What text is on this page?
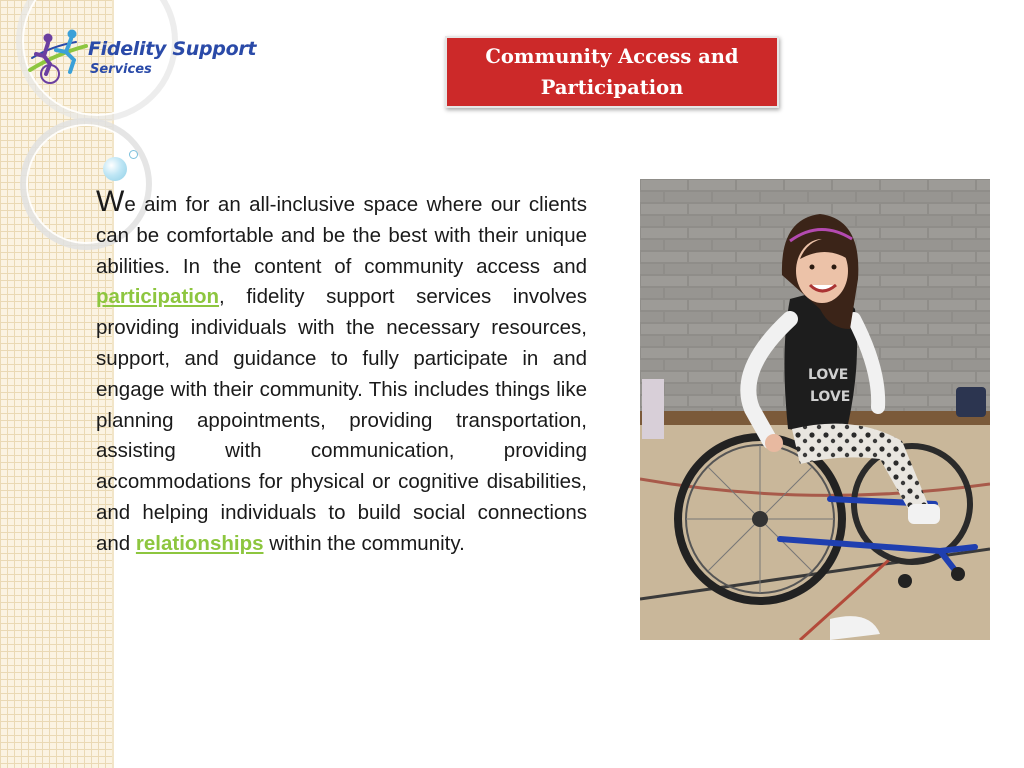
Fidelity Support
Services
Community Access and Participation

We aim for an all-inclusive space where our clients can be comfortable and be the best with their unique abilities. In the content of community access and participation, fidelity support services involves providing individuals with the necessary resources, support, and guidance to fully participate in and engage with their community. This includes things like planning appointments, providing transportation, assisting with communication, providing accommodations for physical or cognitive disabilities, and helping individuals to build social connections and relationships within the community.

LOVE
LOVE
